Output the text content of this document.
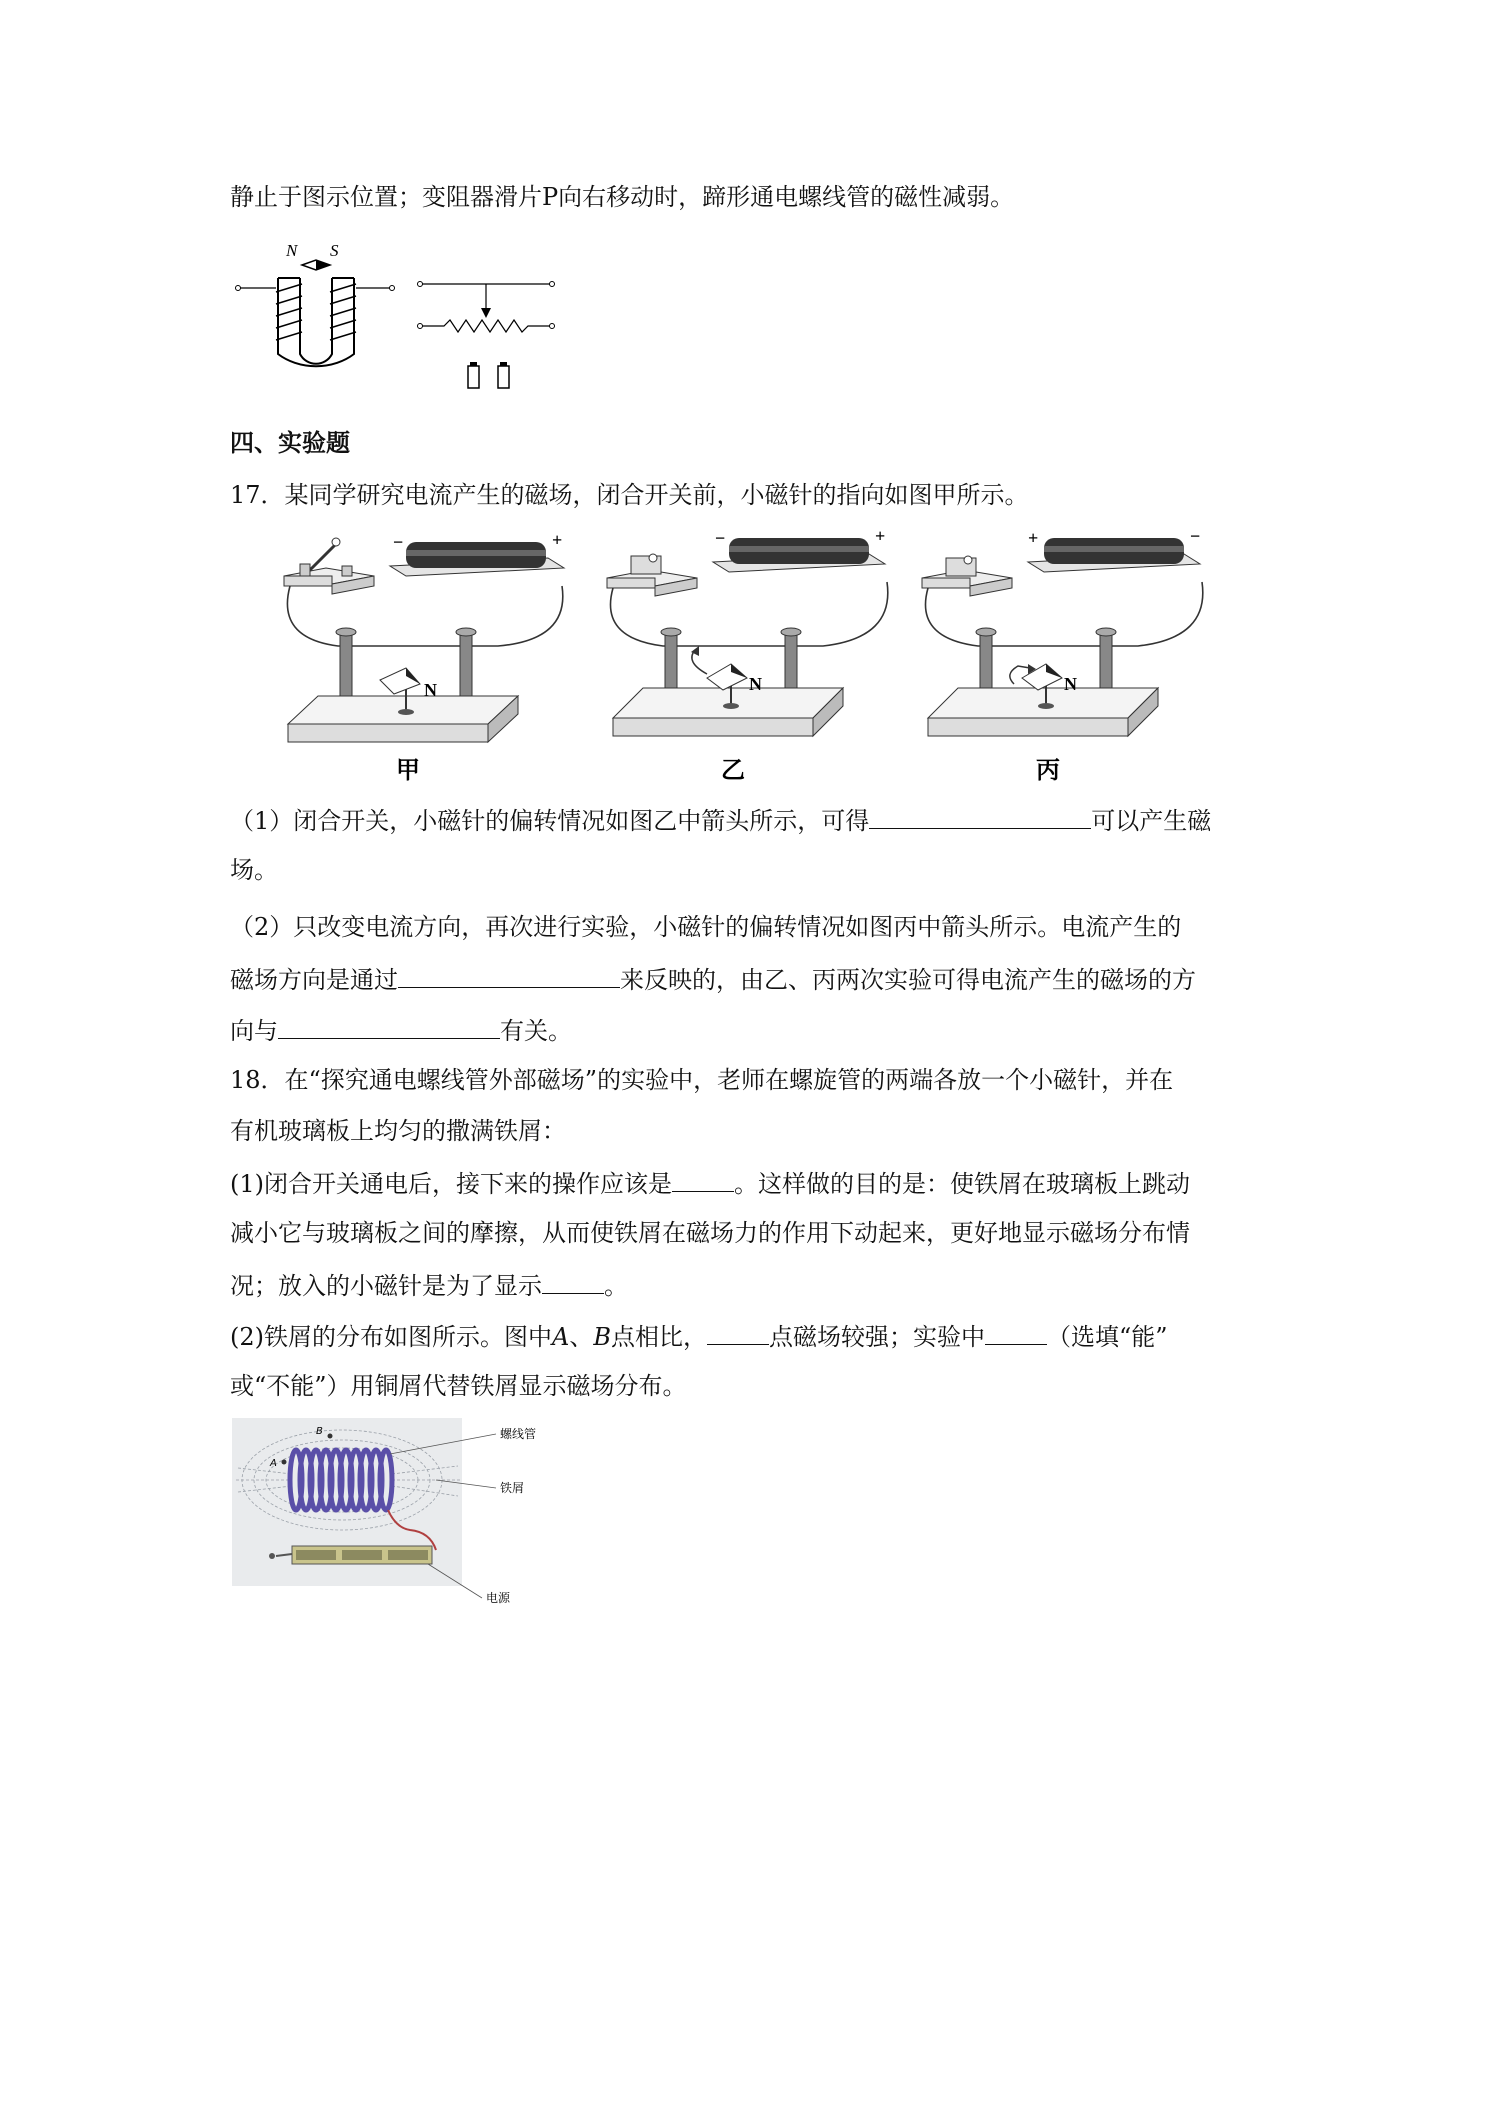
静止于图示位置；变阻器滑片P向右移动时，蹄形通电螺线管的磁性减弱。
N S
四、实验题
17．某同学研究电流产生的磁场，闭合开关前，小磁针的指向如图甲所示。
−	+
N
甲
−	+
N
乙
+	−
N
丙
（1）闭合开关，小磁针的偏转情况如图乙中箭头所示，可得	可以产生磁
场。
（2）只改变电流方向，再次进行实验，小磁针的偏转情况如图丙中箭头所示。电流产生的
磁场方向是通过	来反映的，由乙、丙两次实验可得电流产生的磁场的方
向与	有关。
18．在“探究通电螺线管外部磁场”的实验中，老师在螺旋管的两端各放一个小磁针，并在
有机玻璃板上均匀的撒满铁屑：
(1)闭合开关通电后，接下来的操作应该是	。这样做的目的是：使铁屑在玻璃板上跳动
减小它与玻璃板之间的摩擦，从而使铁屑在磁场力的作用下动起来，更好地显示磁场分布情
况；放入的小磁针是为了显示	。
(2)铁屑的分布如图所示。图中A、B点相比，	点磁场较强；实验中	（选填“能”
或“不能”）用铜屑代替铁屑显示磁场分布。
A
B	螺线管
铁屑
电源
